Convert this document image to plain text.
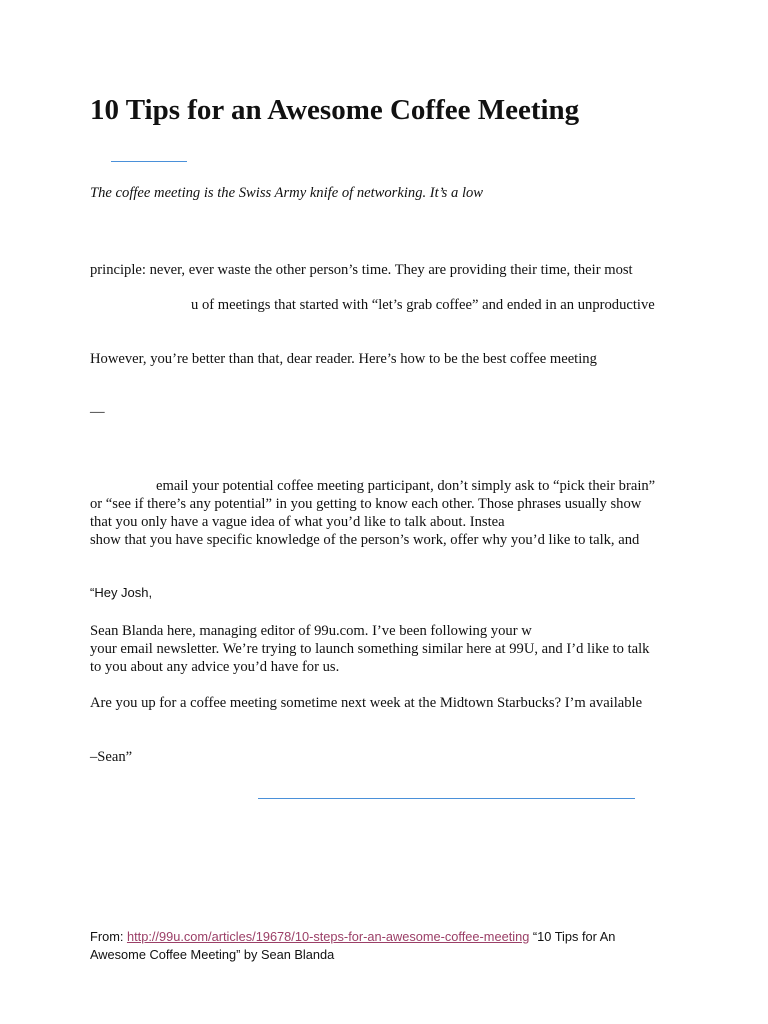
10 Tips for an Awesome Coffee Meeting

The coffee meeting is the Swiss Army knife of networking. It’s a low

principle: never, ever waste the other person’s time. They are providing their time, their most

u of meetings that started with “let’s grab coffee” and ended in an unproductive

However, you’re better than that, dear reader. Here’s how to be the best coffee meeting

—

email your potential coffee meeting participant, don’t simply ask to “pick their brain”

or “see if there’s any potential” in you getting to know each other. Those phrases usually show

that you only have a vague idea of what you’d like to talk about. Instea

show that you have specific knowledge of the person’s work, offer why you’d like to talk, and

“Hey Josh,

Sean Blanda here, managing editor of 99u.com. I’ve been following your w

your email newsletter. We’re trying to launch something similar here at 99U, and I’d like to talk

to you about any advice you’d have for us.

Are you up for a coffee meeting sometime next week at the Midtown Starbucks? I’m available

–Sean”

From: http://99u.com/articles/19678/10-steps-for-an-awesome-coffee-meeting “10 Tips for An Awesome Coffee Meeting” by Sean Blanda
